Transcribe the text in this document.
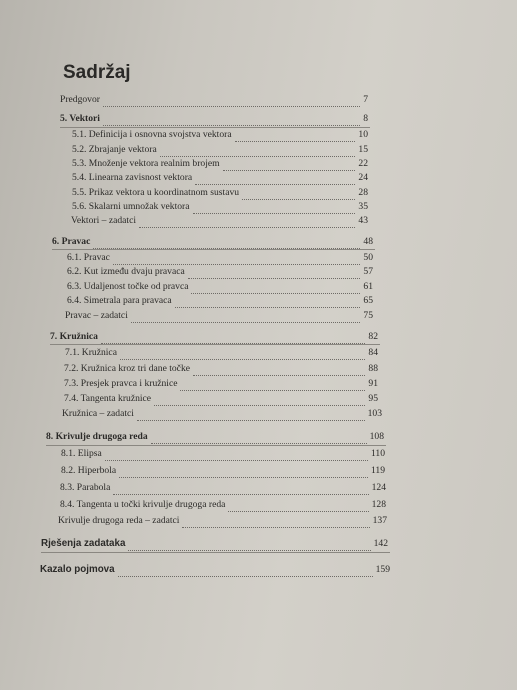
Sadržaj
Predgovor	7
5. Vektori	8
5.1. Definicija i osnovna svojstva vektora	10
5.2. Zbrajanje vektora	15
5.3. Množenje vektora realnim brojem	22
5.4. Linearna zavisnost vektora	24
5.5. Prikaz vektora u koordinatnom sustavu	28
5.6. Skalarni umnožak vektora	35
Vektori – zadatci	43
6. Pravac	48
6.1. Pravac	50
6.2. Kut između dvaju pravaca	57
6.3. Udaljenost točke od pravca	61
6.4. Simetrala para pravaca	65
Pravac – zadatci	75
7. Kružnica	82
7.1. Kružnica	84
7.2. Kružnica kroz tri dane točke	88
7.3. Presjek pravca i kružnice	91
7.4. Tangenta kružnice	95
Kružnica – zadatci	103
8. Krivulje drugoga reda	108
8.1. Elipsa	110
8.2. Hiperbola	119
8.3. Parabola	124
8.4. Tangenta u točki krivulje drugoga reda	128
Krivulje drugoga reda – zadatci	137
Rješenja zadataka	142
Kazalo pojmova	159
